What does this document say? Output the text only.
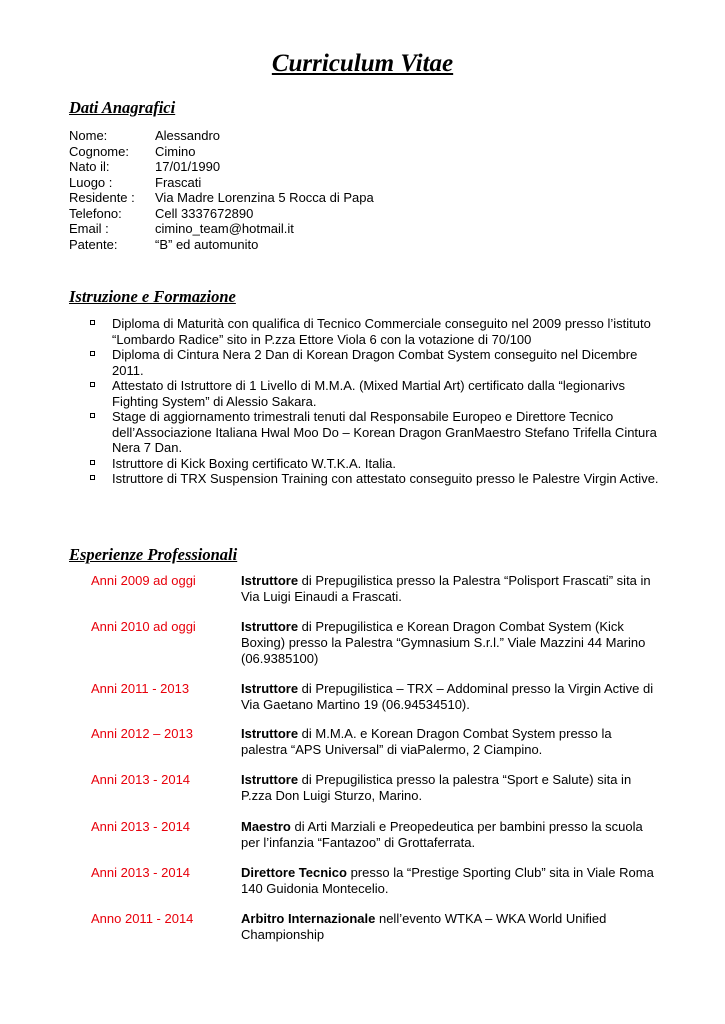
Curriculum Vitae
Dati Anagrafici
Nome:	Alessandro
Cognome:	Cimino
Nato il:	17/01/1990
Luogo :	Frascati
Residente :	Via Madre Lorenzina 5 Rocca di Papa
Telefono:	Cell 3337672890
Email :	cimino_team@hotmail.it
Patente:	“B” ed automunito
Istruzione e Formazione
Diploma di Maturità con qualifica di Tecnico Commerciale conseguito nel 2009 presso l’istituto “Lombardo Radice” sito in P.zza Ettore Viola 6 con la votazione di 70/100
Diploma di Cintura Nera 2 Dan di Korean Dragon Combat System conseguito nel Dicembre 2011.
Attestato di Istruttore di 1 Livello di M.M.A. (Mixed Martial Art) certificato dalla “legionarivs Fighting System” di Alessio Sakara.
Stage di aggiornamento trimestrali tenuti dal Responsabile Europeo e Direttore Tecnico dell’Associazione Italiana Hwal Moo Do – Korean Dragon GranMaestro Stefano Trifella Cintura Nera 7 Dan.
Istruttore di Kick Boxing certificato W.T.K.A. Italia.
Istruttore di TRX Suspension Training con attestato conseguito presso le Palestre Virgin Active.
Esperienze Professionali
Anni 2009 ad oggi	Istruttore di Prepugilistica presso la Palestra “Polisport Frascati” sita in Via Luigi Einaudi a Frascati.
Anni 2010 ad oggi	Istruttore di Prepugilistica e Korean Dragon Combat System (Kick Boxing) presso la Palestra “Gymnasium S.r.l.” Viale Mazzini 44 Marino (06.9385100)
Anni 2011 - 2013	Istruttore di Prepugilistica – TRX – Addominal presso la Virgin Active di Via Gaetano Martino 19 (06.94534510).
Anni 2012 – 2013	Istruttore di M.M.A. e Korean Dragon Combat System presso la palestra “APS Universal” di viaPalermo, 2 Ciampino.
Anni 2013 - 2014	Istruttore di Prepugilistica presso la palestra “Sport e Salute) sita in P.zza Don Luigi Sturzo, Marino.
Anni 2013 - 2014	Maestro di Arti Marziali e Preopedeutica per bambini presso la scuola per l’infanzia “Fantazoo” di Grottaferrata.
Anni 2013 - 2014	Direttore Tecnico presso la “Prestige Sporting Club” sita in Viale Roma 140 Guidonia Montecelio.
Anno 2011 - 2014	Arbitro Internazionale nell’evento WTKA – WKA World Unified Championship
